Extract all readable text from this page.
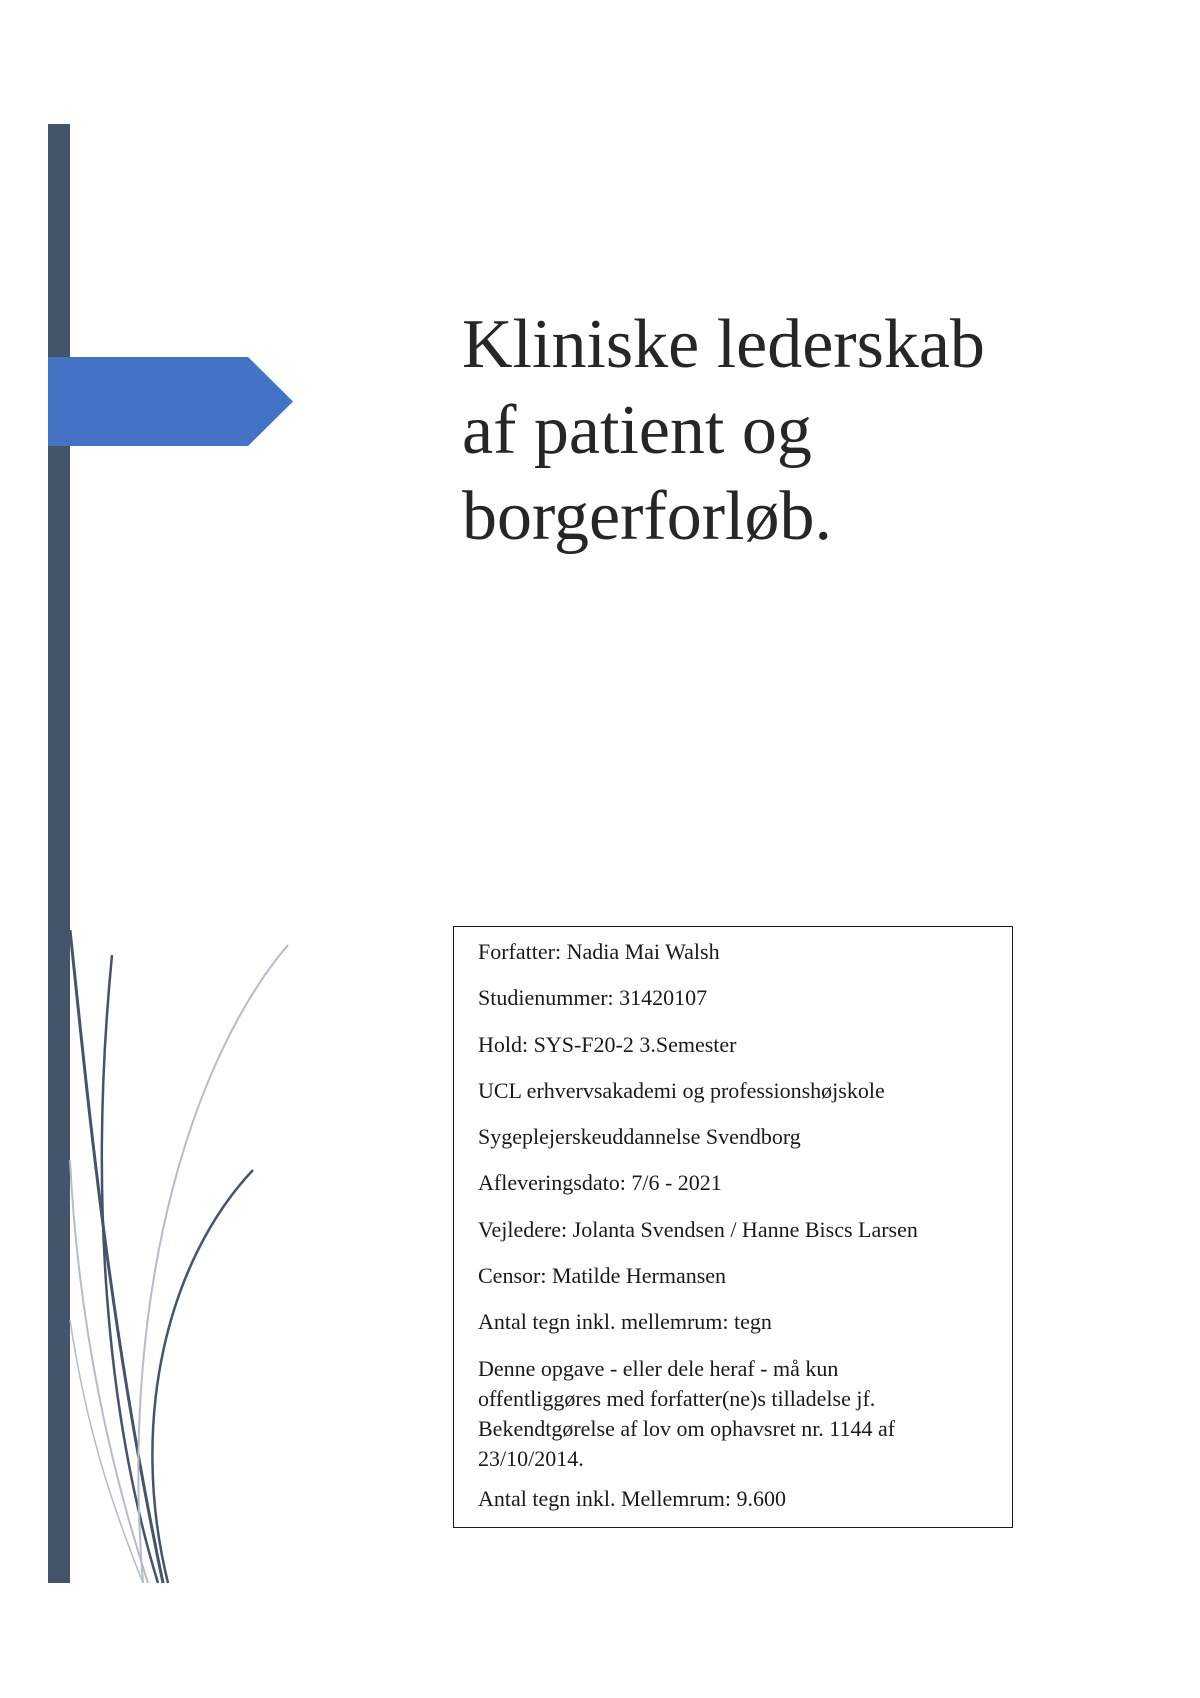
Kliniske lederskab
af patient og
borgerforløb.

Forfatter: Nadia Mai Walsh

Studienummer: 31420107

Hold: SYS-F20-2 3.Semester

UCL erhvervsakademi og professionshøjskole

Sygeplejerskeuddannelse Svendborg

Afleveringsdato: 7/6 - 2021

Vejledere: Jolanta Svendsen / Hanne Biscs Larsen

Censor: Matilde Hermansen

Antal tegn inkl. mellemrum: tegn

Denne opgave - eller dele heraf - må kun
offentliggøres med forfatter(ne)s tilladelse jf.
Bekendtgørelse af lov om ophavsret nr. 1144 af
23/10/2014.

Antal tegn inkl. Mellemrum: 9.600
